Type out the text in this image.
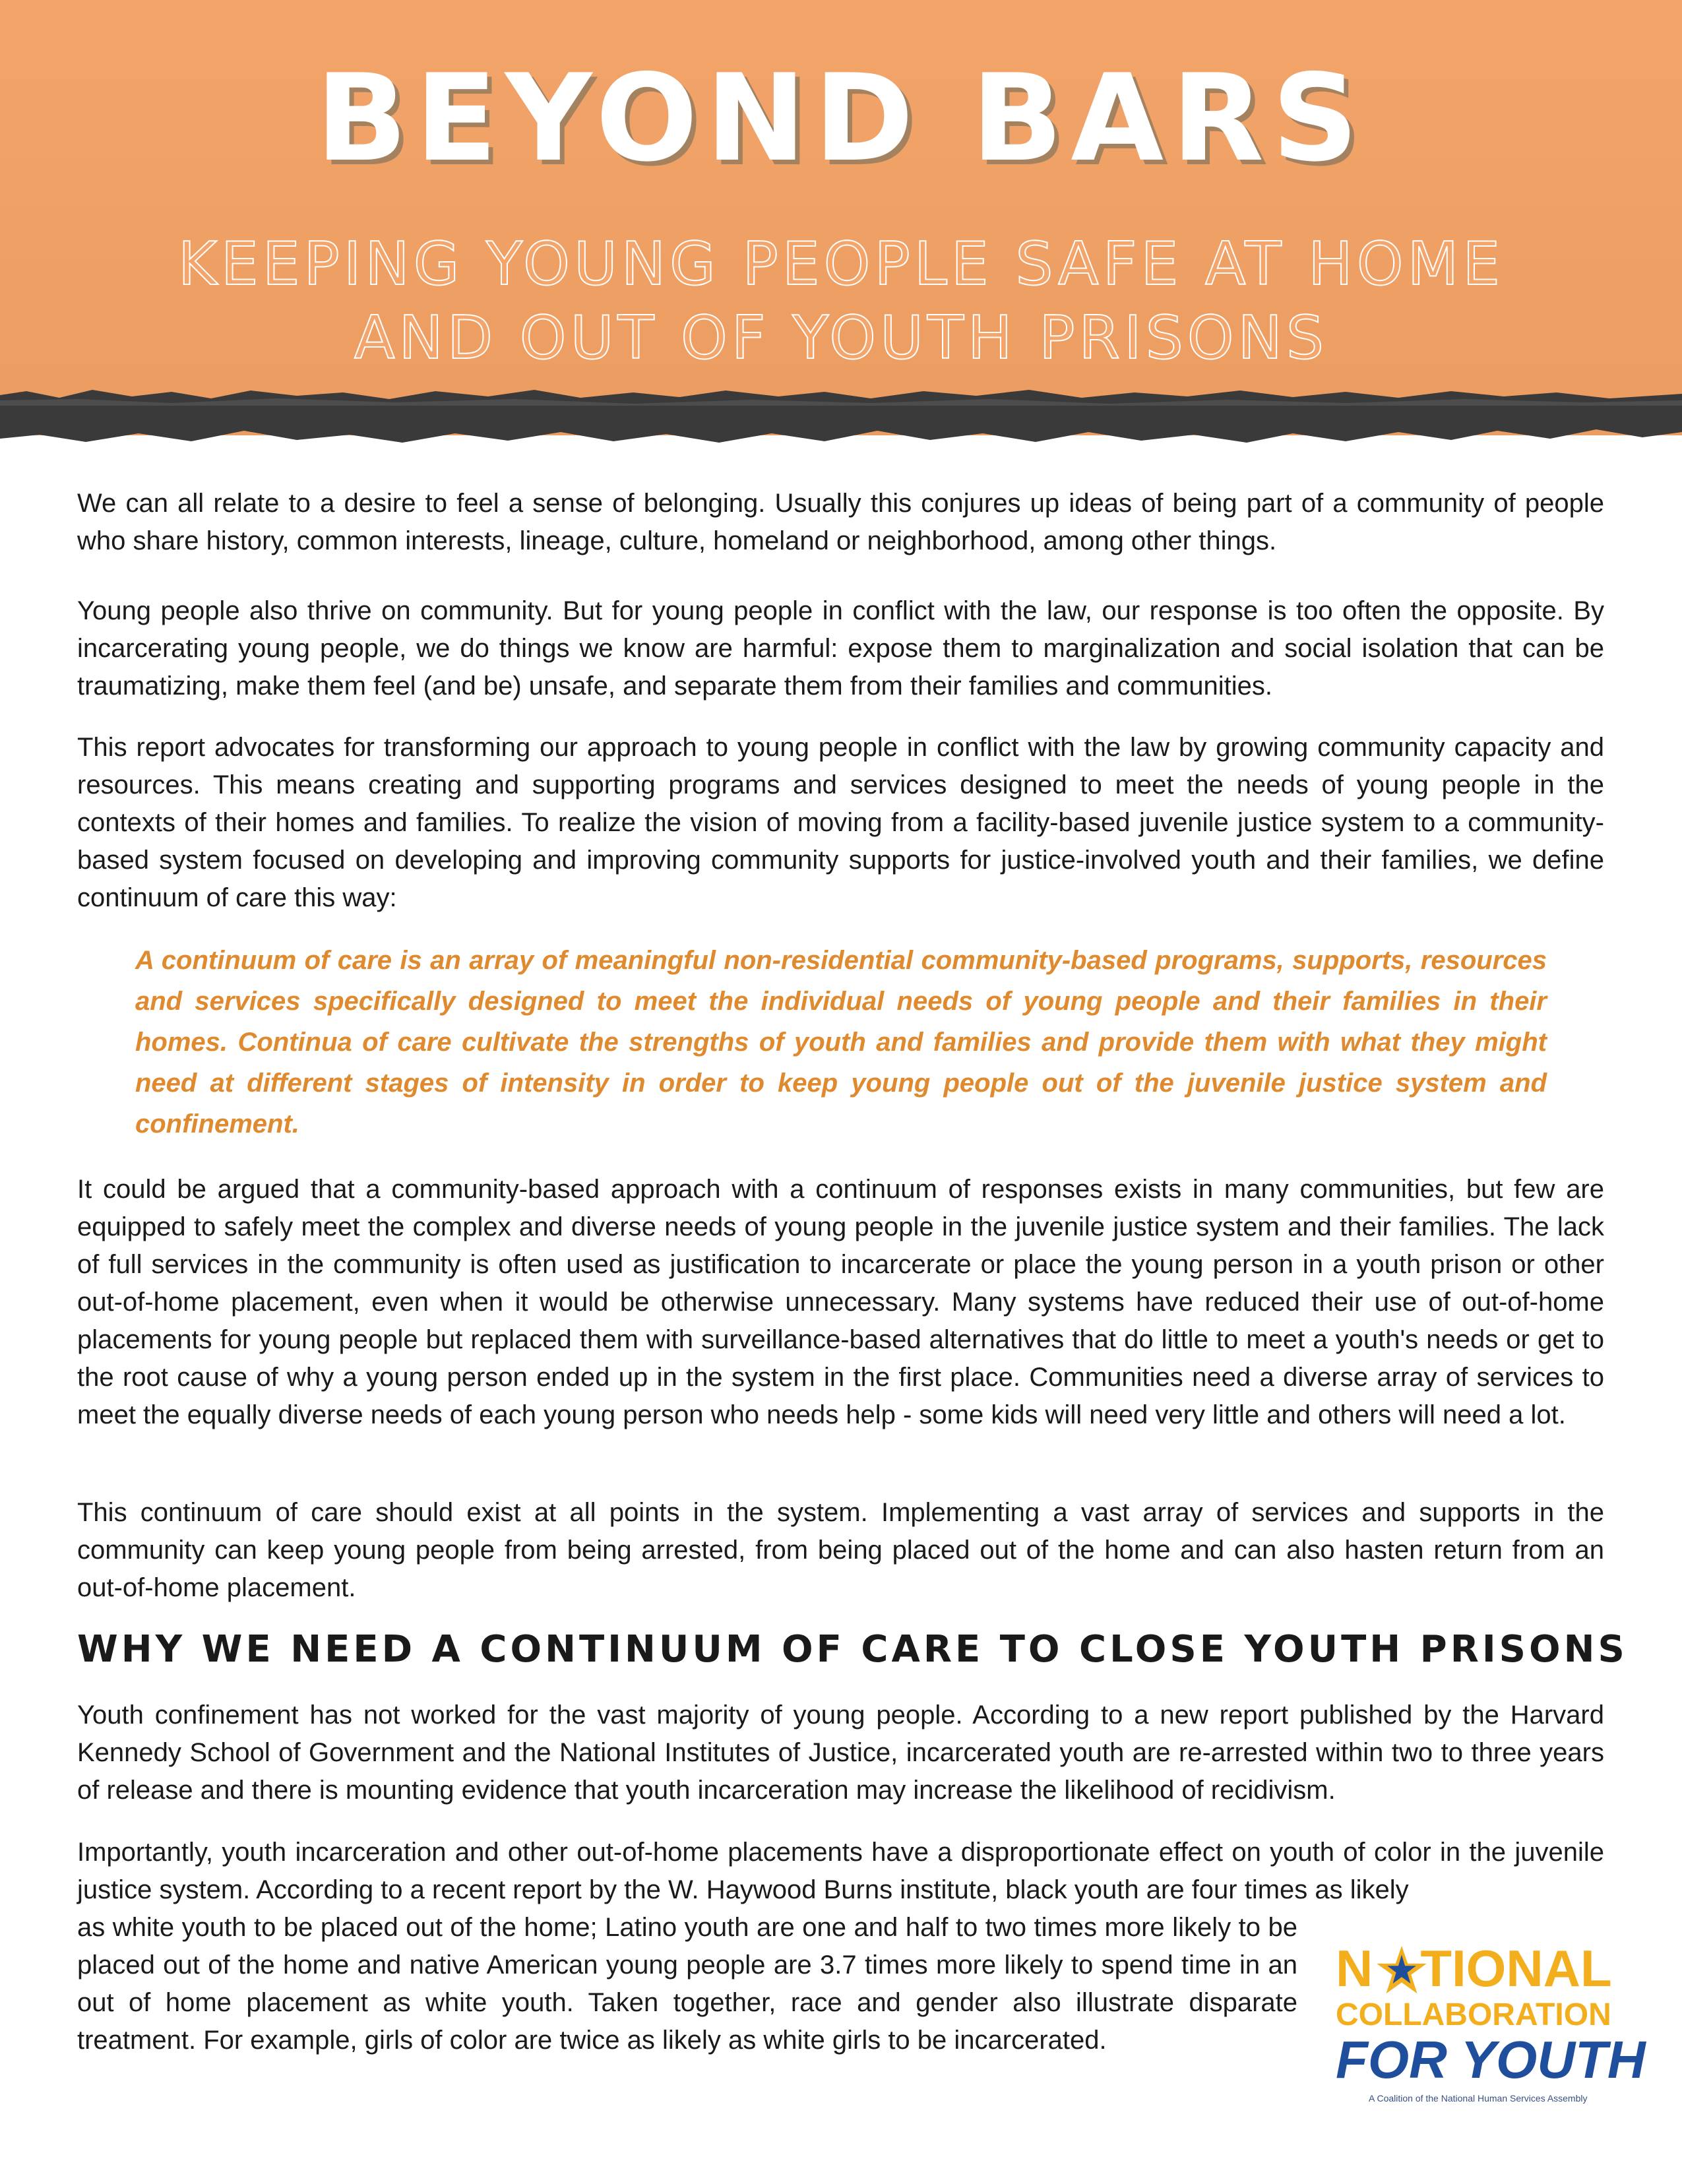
BEYOND BARS
KEEPING YOUNG PEOPLE SAFE AT HOME
AND OUT OF YOUTH PRISONS

We can all relate to a desire to feel a sense of belonging. Usually this conjures up ideas of being part of a community of people who share history, common interests, lineage, culture, homeland or neighborhood, among other things.

Young people also thrive on community. But for young people in conflict with the law, our response is too often the opposite. By incarcerating young people, we do things we know are harmful: expose them to marginalization and social isolation that can be traumatizing, make them feel (and be) unsafe, and separate them from their families and communities.

This report advocates for transforming our approach to young people in conflict with the law by growing community capacity and resources. This means creating and supporting programs and services designed to meet the needs of young people in the contexts of their homes and families. To realize the vision of moving from a facility-based juvenile justice system to a community-based system focused on developing and improving community supports for justice-involved youth and their families, we define continuum of care this way:

A continuum of care is an array of meaningful non-residential community-based programs, supports, resources and services specifically designed to meet the individual needs of young people and their families in their homes. Continua of care cultivate the strengths of youth and families and provide them with what they might need at different stages of intensity in order to keep young people out of the juvenile justice system and confinement.

It could be argued that a community-based approach with a continuum of responses exists in many communities, but few are equipped to safely meet the complex and diverse needs of young people in the juvenile justice system and their families. The lack of full services in the community is often used as justification to incarcerate or place the young person in a youth prison or other out-of-home placement, even when it would be otherwise unnecessary. Many systems have reduced their use of out-of-home placements for young people but replaced them with surveillance-based alternatives that do little to meet a youth's needs or get to the root cause of why a young person ended up in the system in the first place. Communities need a diverse array of services to meet the equally diverse needs of each young person who needs help - some kids will need very little and others will need a lot.

This continuum of care should exist at all points in the system. Implementing a vast array of services and supports in the community can keep young people from being arrested, from being placed out of the home and can also hasten return from an out-of-home placement.

WHY WE NEED A CONTINUUM OF CARE TO CLOSE YOUTH PRISONS

Youth confinement has not worked for the vast majority of young people. According to a new report published by the Harvard Kennedy School of Government and the National Institutes of Justice, incarcerated youth are re-arrested within two to three years of release and there is mounting evidence that youth incarceration may increase the likelihood of recidivism.

Importantly, youth incarceration and other out-of-home placements have a disproportionate effect on youth of color in the juvenile justice system. According to a recent report by the W. Haywood Burns institute, black youth are four times as likely

as white youth to be placed out of the home; Latino youth are one and half to two times more likely to be placed out of the home and native American young people are 3.7 times more likely to spend time in an out of home placement as white youth. Taken together, race and gender also illustrate disparate treatment. For example, girls of color are twice as likely as white girls to be incarcerated.

N TIONAL
COLLABORATION
FOR YOUTH
A Coalition of the National Human Services Assembly
